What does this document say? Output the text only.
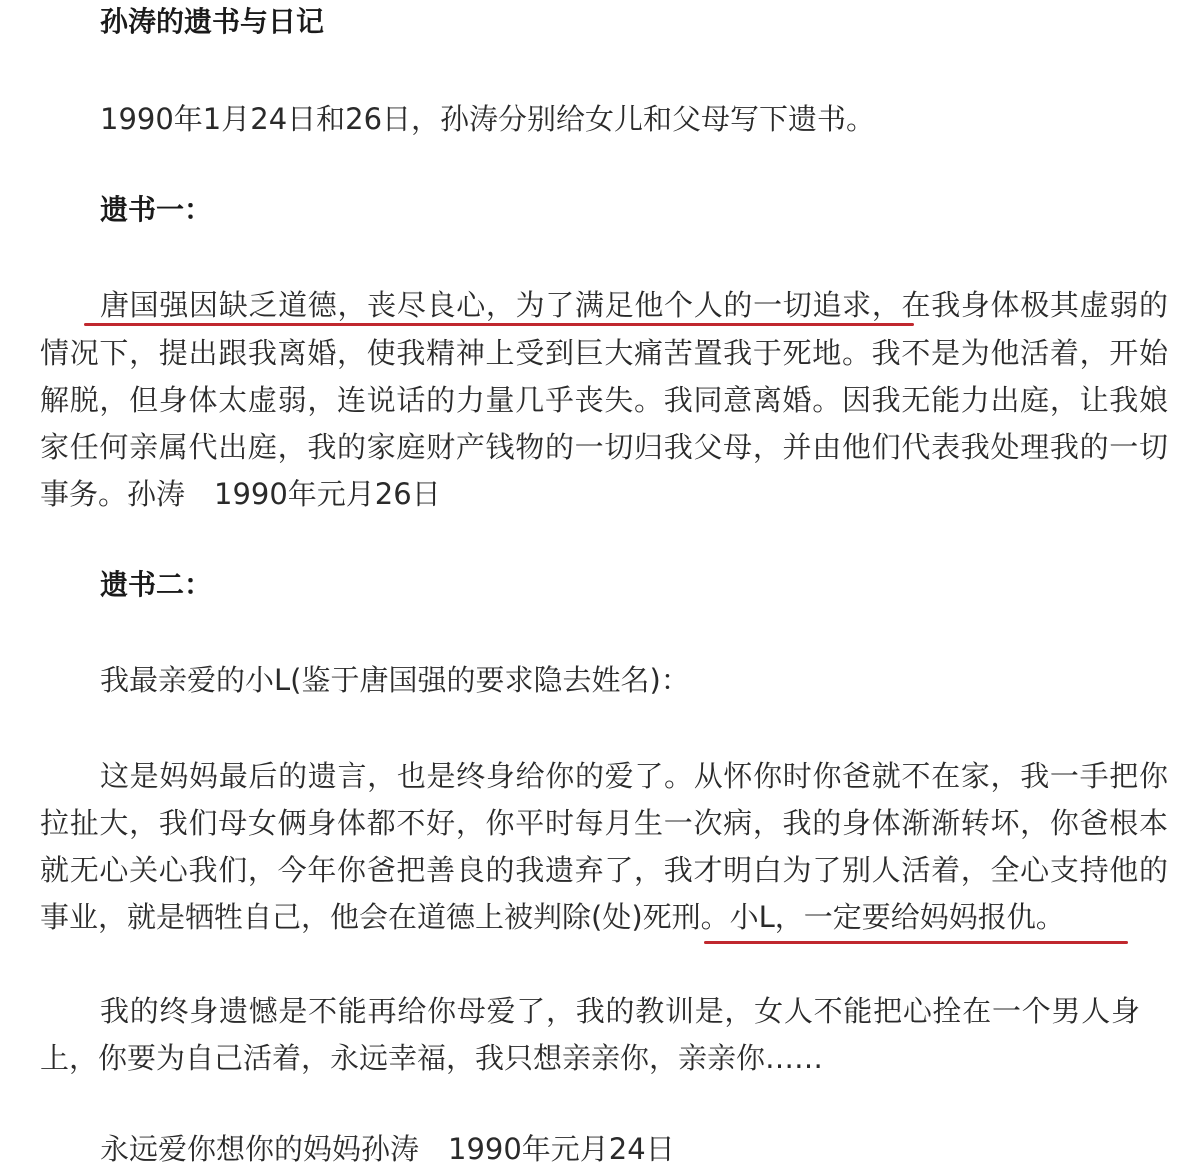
孙涛的遗书与日记
1990年1月24日和26日，孙涛分别给女儿和父母写下遗书。
遗书一：
唐国强因缺乏道德，丧尽良心，为了满足他个人的一切追求，在我身体极其虚弱的
情况下，提出跟我离婚，使我精神上受到巨大痛苦置我于死地。我不是为他活着，开始
解脱，但身体太虚弱，连说话的力量几乎丧失。我同意离婚。因我无能力出庭，让我娘
家任何亲属代出庭，我的家庭财产钱物的一切归我父母，并由他们代表我处理我的一切
事务。孙涛　1990年元月26日
遗书二：
我最亲爱的小L(鉴于唐国强的要求隐去姓名)：
这是妈妈最后的遗言，也是终身给你的爱了。从怀你时你爸就不在家，我一手把你
拉扯大，我们母女俩身体都不好，你平时每月生一次病，我的身体渐渐转坏，你爸根本
就无心关心我们，今年你爸把善良的我遗弃了，我才明白为了别人活着，全心支持他的
事业，就是牺牲自己，他会在道德上被判除(处)死刑。小L，一定要给妈妈报仇。
我的终身遗憾是不能再给你母爱了，我的教训是，女人不能把心拴在一个男人身
上，你要为自己活着，永远幸福，我只想亲亲你，亲亲你……
永远爱你想你的妈妈孙涛　1990年元月24日
